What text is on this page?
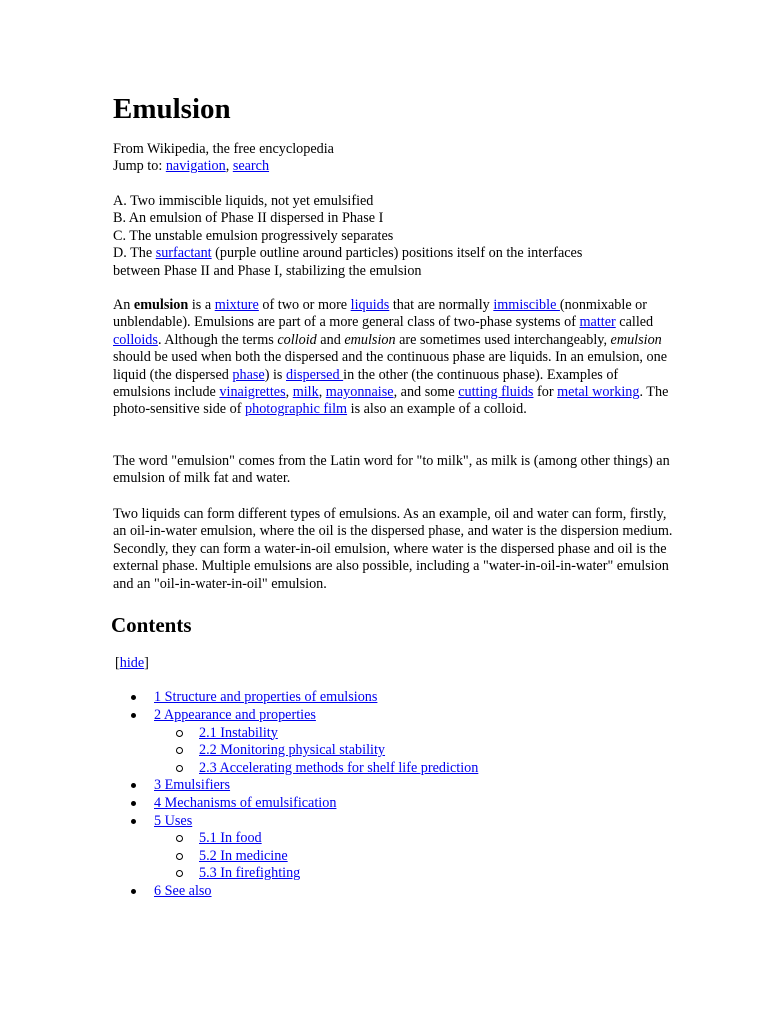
Emulsion

From Wikipedia, the free encyclopedia

Jump to: navigation, search

A. Two immiscible liquids, not yet emulsified

B. An emulsion of Phase II dispersed in Phase I

C. The unstable emulsion progressively separates

D. The surfactant (purple outline around particles) positions itself on the interfaces
between Phase II and Phase I, stabilizing the emulsion

An emulsion is a mixture of two or more liquids that are normally immiscible (nonmixable or unblendable). Emulsions are part of a more general class of two-phase systems of matter called colloids. Although the terms colloid and emulsion are sometimes used interchangeably, emulsion should be used when both the dispersed and the continuous phase are liquids. In an emulsion, one liquid (the dispersed phase) is dispersed in the other (the continuous phase). Examples of emulsions include vinaigrettes, milk, mayonnaise, and some cutting fluids for metal working. The photo-sensitive side of photographic film is also an example of a colloid.

The word "emulsion" comes from the Latin word for "to milk", as milk is (among other things) an emulsion of milk fat and water.

Two liquids can form different types of emulsions. As an example, oil and water can form, firstly, an oil-in-water emulsion, where the oil is the dispersed phase, and water is the dispersion medium. Secondly, they can form a water-in-oil emulsion, where water is the dispersed phase and oil is the external phase. Multiple emulsions are also possible, including a "water-in-oil-in-water" emulsion and an "oil-in-water-in-oil" emulsion.

Contents

[hide]

1 Structure and properties of emulsions
2 Appearance and properties
2.1 Instability
2.2 Monitoring physical stability
2.3 Accelerating methods for shelf life prediction
3 Emulsifiers
4 Mechanisms of emulsification
5 Uses
5.1 In food
5.2 In medicine
5.3 In firefighting
6 See also
